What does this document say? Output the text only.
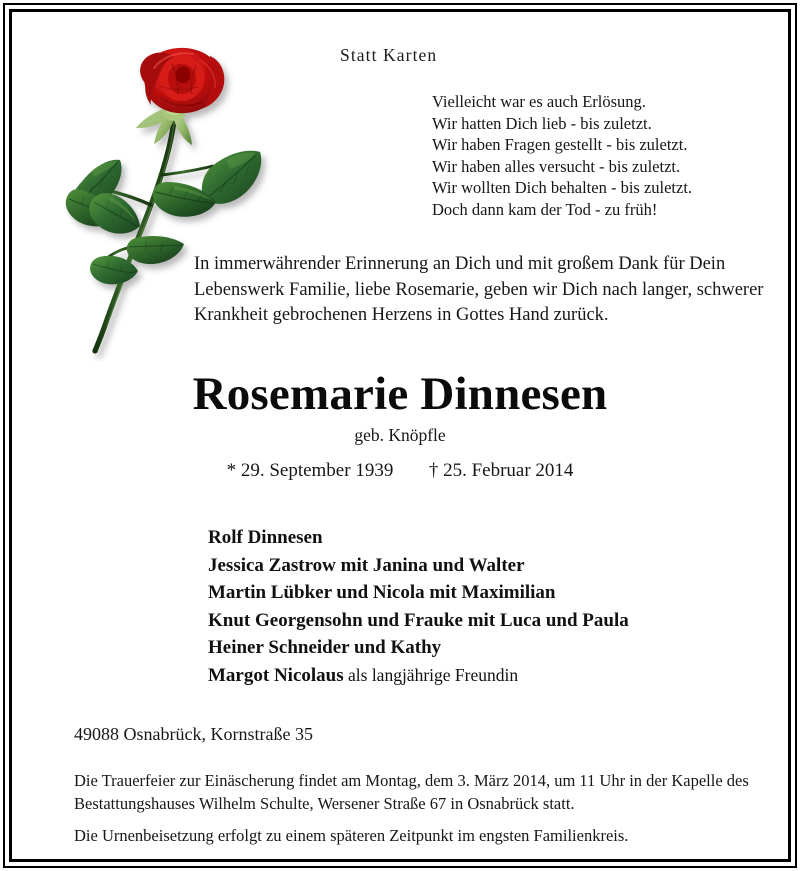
Statt Karten
Vielleicht war es auch Erlösung.
Wir hatten Dich lieb - bis zuletzt.
Wir haben Fragen gestellt - bis zuletzt.
Wir haben alles versucht - bis zuletzt.
Wir wollten Dich behalten - bis zuletzt.
Doch dann kam der Tod - zu früh!
In immerwährender Erinnerung an Dich und mit großem Dank für Dein Lebenswerk Familie, liebe Rosemarie, geben wir Dich nach langer, schwerer Krankheit gebrochenen Herzens in Gottes Hand zurück.
Rosemarie Dinnesen
geb. Knöpfle
* 29. September 1939 † 25. Februar 2014
Rolf Dinnesen
Jessica Zastrow mit Janina und Walter
Martin Lübker und Nicola mit Maximilian
Knut Georgensohn und Frauke mit Luca und Paula
Heiner Schneider und Kathy
Margot Nicolaus als langjährige Freundin
49088 Osnabrück, Kornstraße 35

Die Trauerfeier zur Einäscherung findet am Montag, dem 3. März 2014, um 11 Uhr in der Kapelle des Bestattungshauses Wilhelm Schulte, Wersener Straße 67 in Osnabrück statt.

Die Urnenbeisetzung erfolgt zu einem späteren Zeitpunkt im engsten Familienkreis.
